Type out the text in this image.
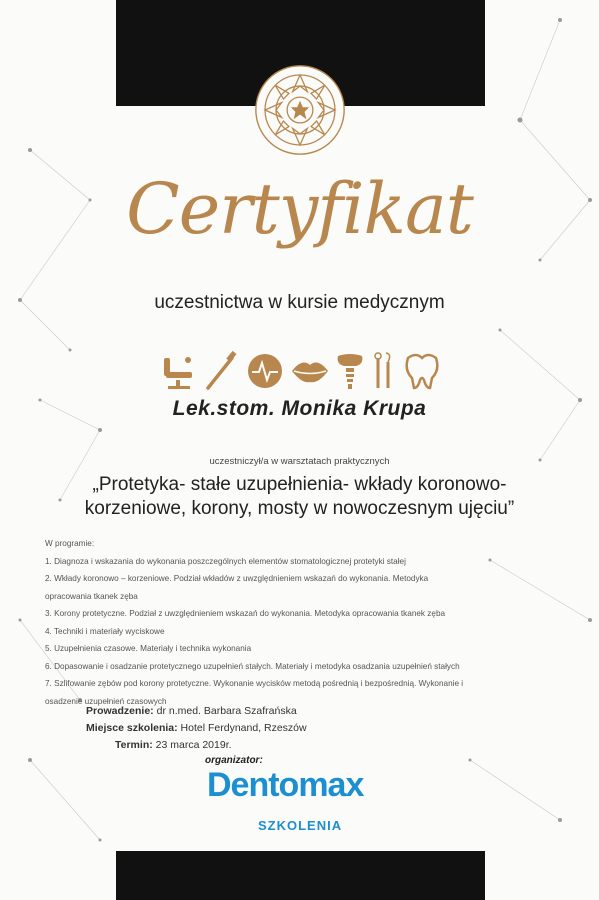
Certyfikat
uczestnictwa w kursie medycznym
Lek.stom. Monika Krupa
uczestniczył/a w warsztatach praktycznych
„Protetyka- stałe uzupełnienia- wkłady koronowo-
korzeniowe, korony, mosty w nowoczesnym ujęciu”
W programie:
1. Diagnoza i wskazania do wykonania poszczególnych elementów stomatologicznej protetyki stałej
2. Wkłady koronowo – korzeniowe. Podział wkładów z uwzględnieniem wskazań do wykonania. Metodyka
opracowania tkanek zęba
3. Korony protetyczne. Podział z uwzględnieniem wskazań do wykonania. Metodyka opracowania tkanek zęba
4. Techniki i materiały wyciskowe
5. Uzupełnienia czasowe. Materiały i technika wykonania
6. Dopasowanie i osadzanie protetycznego uzupełnień stałych. Materiały i metodyka osadzania uzupełnień stałych
7. Szlifowanie zębów pod korony protetyczne. Wykonanie wycisków metodą pośrednią i bezpośrednią. Wykonanie i
osadzenie uzupełnień czasowych
Prowadzenie: dr n.med. Barbara Szafrańska
Miejsce szkolenia: Hotel Ferdynand, Rzeszów
Termin: 23 marca 2019r.
organizator:
Dentomax
SZKOLENIA
